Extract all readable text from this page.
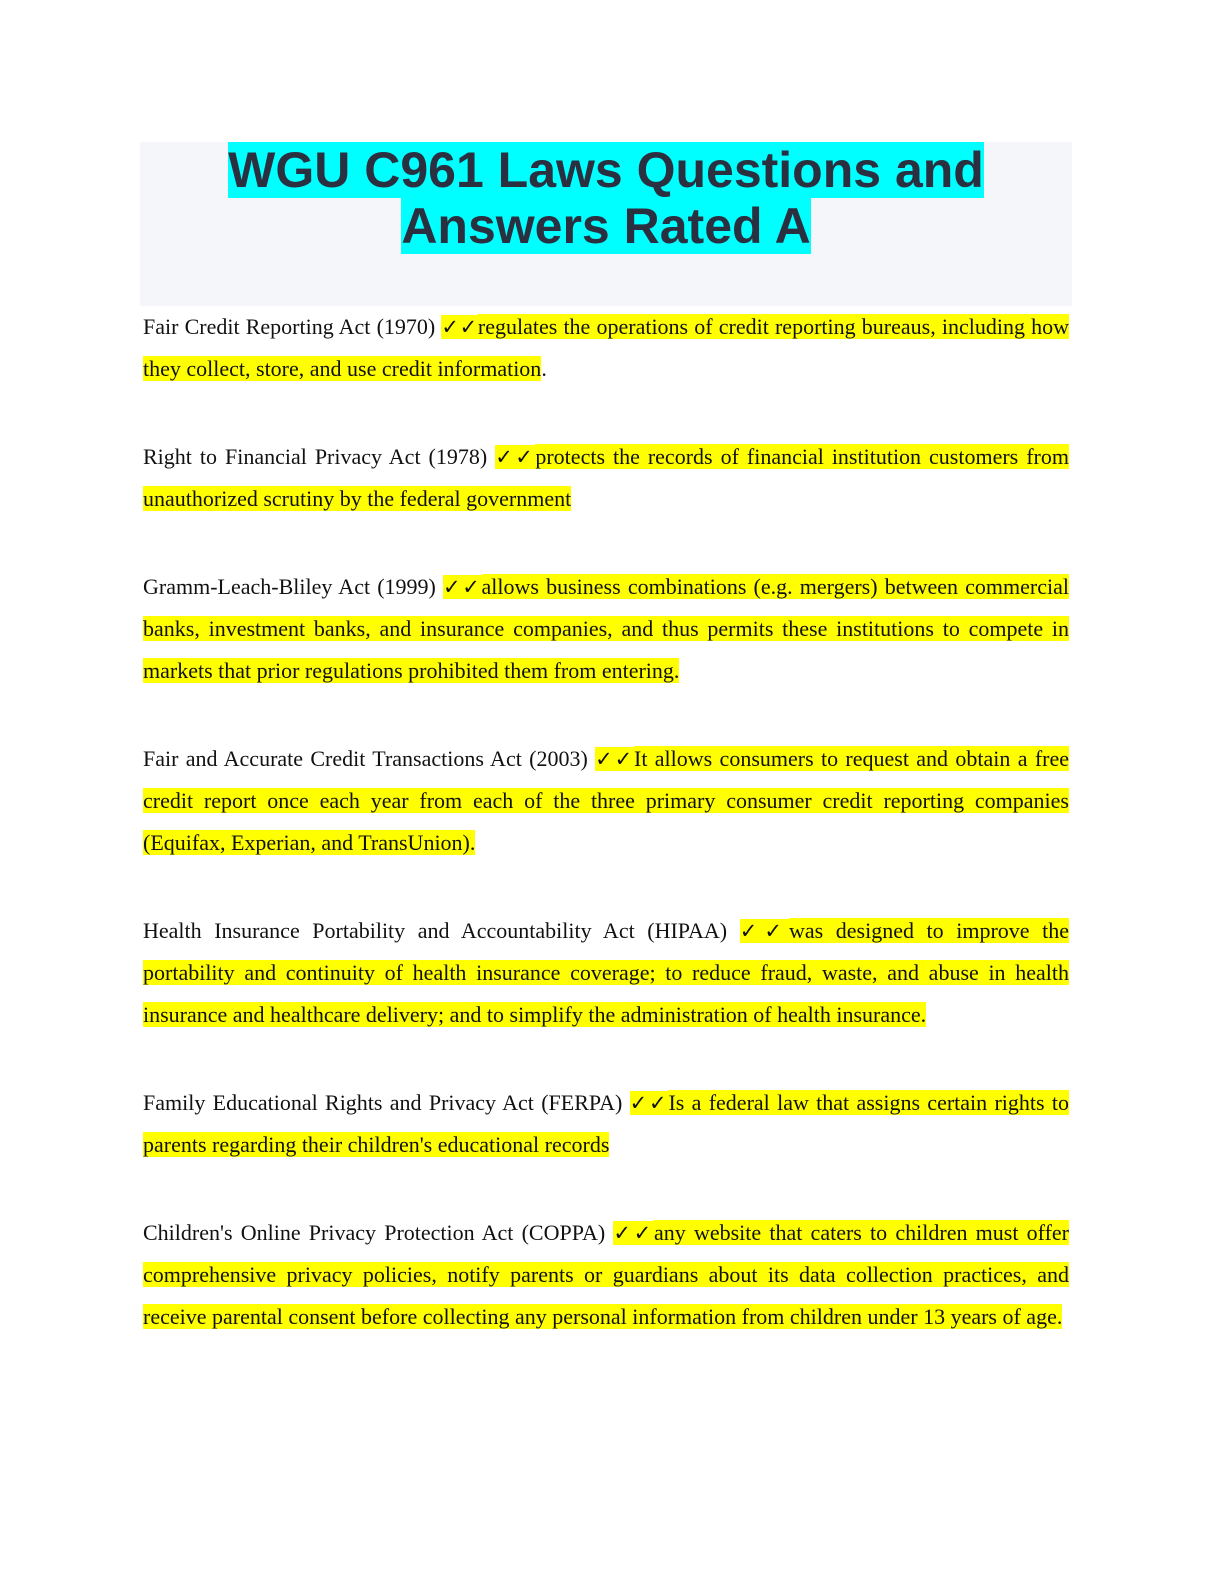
WGU C961 Laws Questions and
Answers Rated A

Fair Credit Reporting Act (1970) ✓✓regulates the operations of credit reporting bureaus, including how they collect, store, and use credit information.

Right to Financial Privacy Act (1978) ✓✓protects the records of financial institution customers from unauthorized scrutiny by the federal government

Gramm-Leach-Bliley Act (1999) ✓✓allows business combinations (e.g. mergers) between commercial banks, investment banks, and insurance companies, and thus permits these institutions to compete in markets that prior regulations prohibited them from entering.

Fair and Accurate Credit Transactions Act (2003) ✓✓It allows consumers to request and obtain a free credit report once each year from each of the three primary consumer credit reporting companies (Equifax, Experian, and TransUnion).

Health Insurance Portability and Accountability Act (HIPAA) ✓✓was designed to improve the portability and continuity of health insurance coverage; to reduce fraud, waste, and abuse in health insurance and healthcare delivery; and to simplify the administration of health insurance.

Family Educational Rights and Privacy Act (FERPA) ✓✓Is a federal law that assigns certain rights to parents regarding their children's educational records

Children's Online Privacy Protection Act (COPPA) ✓✓any website that caters to children must offer comprehensive privacy policies, notify parents or guardians about its data collection practices, and receive parental consent before collecting any personal information from children under 13 years of age.
